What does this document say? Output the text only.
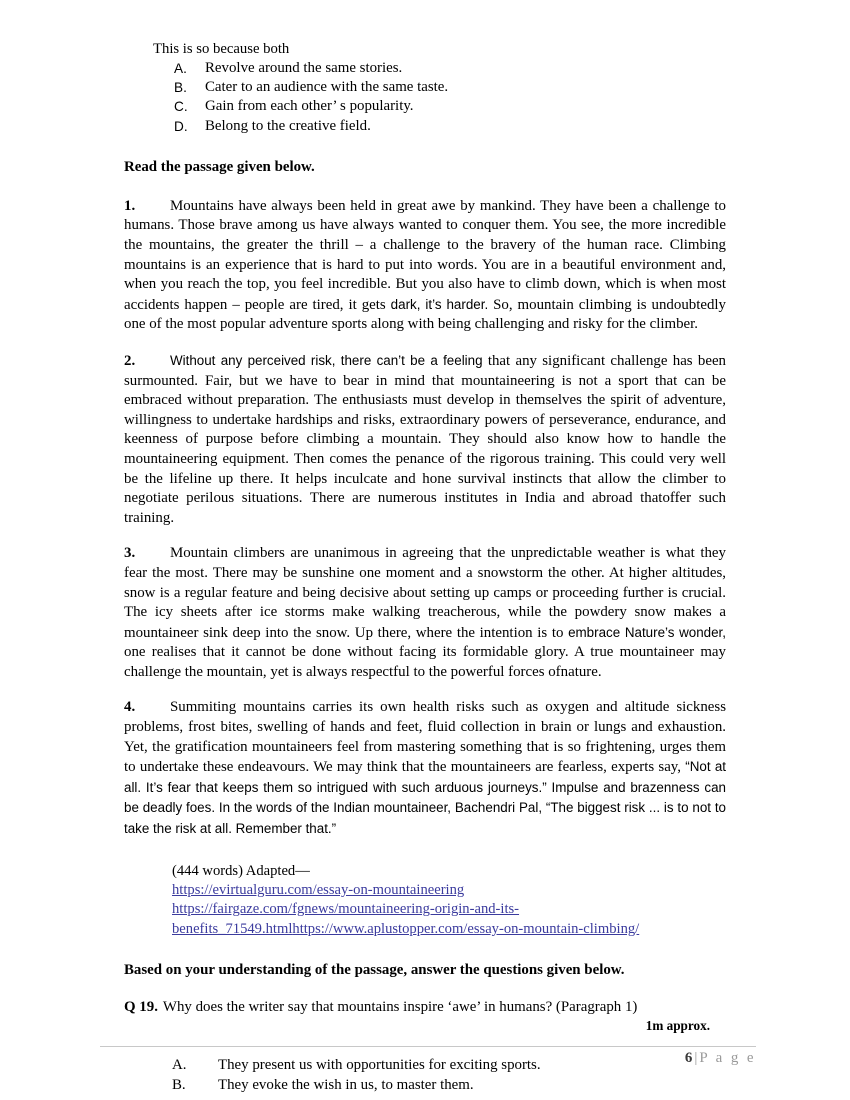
This is so because both
A.	Revolve around the same stories.
B.	Cater to an audience with the same taste.
C.	Gain from each other’ s popularity.
D.	Belong to the creative field.
Read the passage given below.

1. Mountains have always been held in great awe by mankind. They have been a challenge to humans. Those brave among us have always wanted to conquer them. You see, the more incredible the mountains, the greater the thrill – a challenge to the bravery of the human race. Climbing mountains is an experience that is hard to put into words. You are in a beautiful environment and, when you reach the top, you feel incredible. But you also have to climb down, which is when most accidents happen – people are tired, it gets dark, it’s harder. So, mountain climbing is undoubtedly one of the most popular adventure sports along with being challenging and risky for the climber.

2.	Without any perceived risk, there can’t be a feeling that any significant challenge has been surmounted. Fair, but we have to bear in mind that mountaineering is not a sport that can be embraced without preparation. The enthusiasts must develop in themselves the spirit of adventure, willingness to undertake hardships and risks, extraordinary powers of perseverance, endurance, and keenness of purpose before climbing a mountain. They should also know how to handle the mountaineering equipment. Then comes the penance of the rigorous training. This could very well be the lifeline up there. It helps inculcate and hone survival instincts that allow the climber to negotiate perilous situations. There are numerous institutes in India and abroad thatoffer such training.

3. Mountain climbers are unanimous in agreeing that the unpredictable weather is what they fear the most. There may be sunshine one moment and a snowstorm the other. At higher altitudes, snow is a regular feature and being decisive about setting up camps or proceeding further is crucial. The icy sheets after ice storms make walking treacherous, while the powdery snow makes a mountaineer sink deep into the snow. Up there, where the intention is to embrace Nature’s wonder, one realises that it cannot be done without facing its formidable glory. A true mountaineer may challenge the mountain, yet is always respectful to the powerful forces ofnature.

4. Summiting mountains carries its own health risks such as oxygen and altitude sickness problems, frost bites, swelling of hands and feet, fluid collection in brain or lungs and exhaustion. Yet, the gratification mountaineers feel from mastering something that is so frightening, urges them to undertake these endeavours. We may think that the mountaineers are fearless, experts say, “Not at all. It’s fear that keeps them so intrigued with such arduous journeys.” Impulse and brazenness can be deadly foes. In the words of the Indian mountaineer, Bachendri Pal, “The biggest risk ... is to not to take the risk at all. Remember that.”

(444 words) Adapted—
https://evirtualguru.com/essay-on-mountaineering
https://fairgaze.com/fgnews/mountaineering-origin-and-its-
benefits_71549.htmlhttps://www.aplustopper.com/essay-on-mountain-climbing/
Based on your understanding of the passage, answer the questions given below.
Q 19. Why does the writer say that mountains inspire ‘awe’ in humans? (Paragraph 1)
1m approx.
A.	They present us with opportunities for exciting sports.
B.	They evoke the wish in us, to master them.
6 | P a g e
